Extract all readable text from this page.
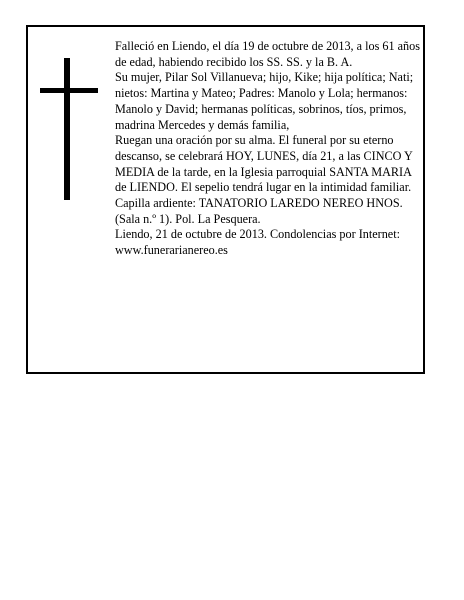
Falleció en Liendo, el día 19 de octubre de 2013, a los 61 años de edad, habiendo recibido los SS. SS. y la B. A.

Su mujer, Pilar Sol Villanueva; hijo, Kike; hija política; Nati; nietos: Martina y Mateo; Padres: Manolo y Lola; hermanos: Manolo y David; hermanas políticas, sobrinos, tíos, primos, madrina Mercedes y demás familia,

Ruegan una oración por su alma. El funeral por su eterno descanso, se celebrará HOY, LUNES, día 21, a las CINCO Y MEDIA de la tarde, en la Iglesia parroquial SANTA MARIA de LIENDO. El sepelio tendrá lugar en la intimidad familiar. Capilla ardiente: TANATORIO LAREDO NEREO HNOS. (Sala n.º 1). Pol. La Pesquera.

Liendo, 21 de octubre de 2013. Condolencias por Internet: www.funerarianereo.es
